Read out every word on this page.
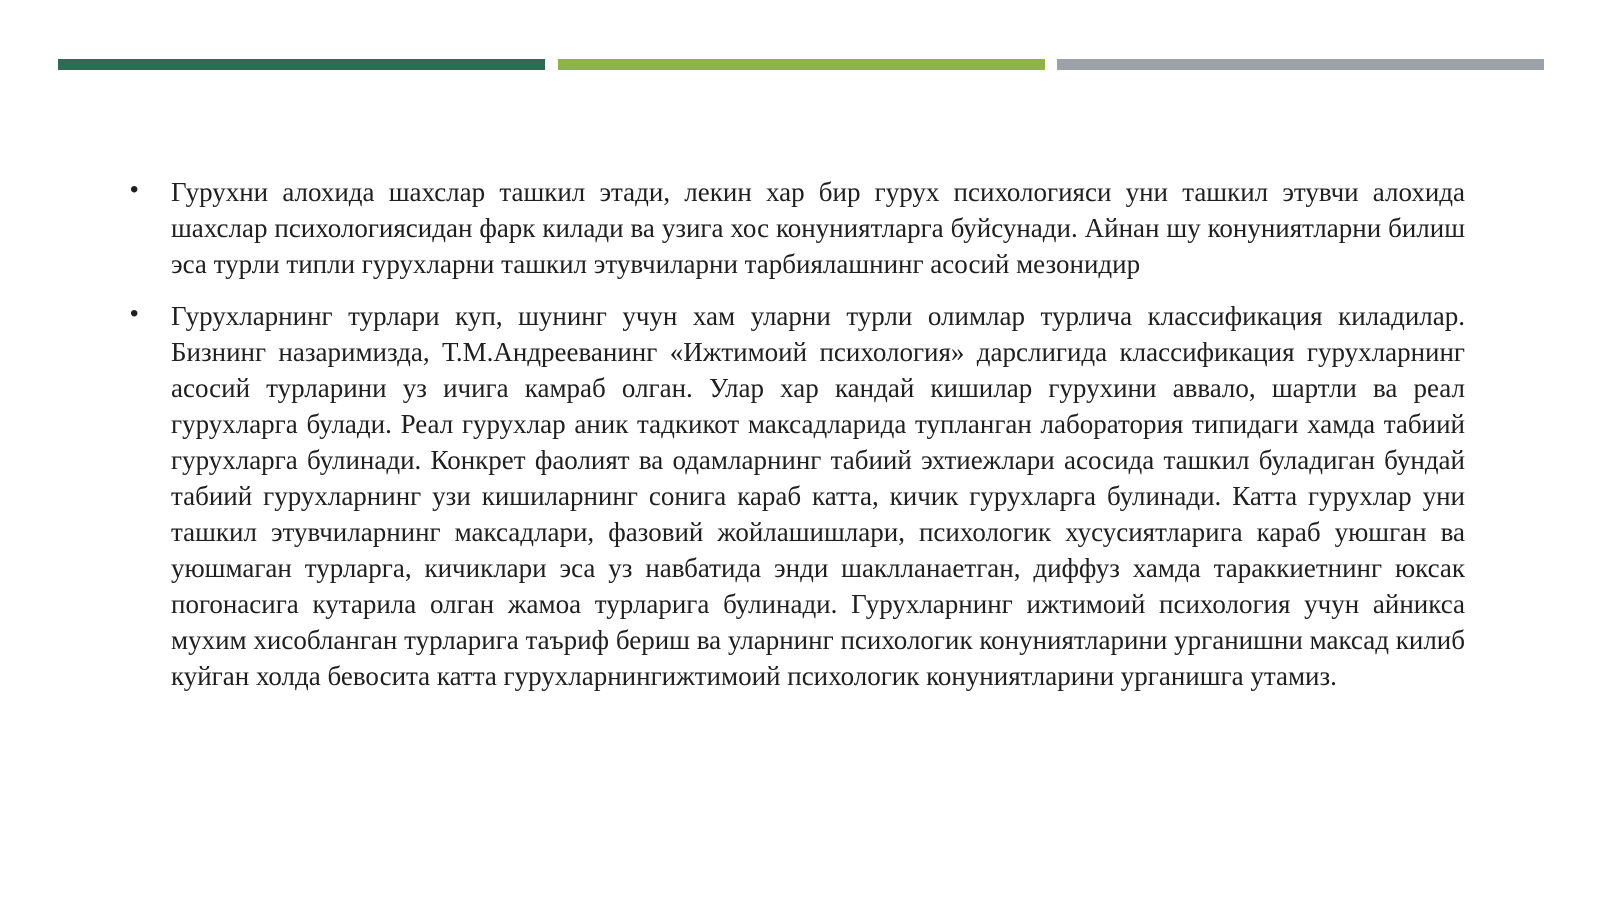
• Гурухни алохида шахслар ташкил этади, лекин хар бир гурух психологияси уни ташкил этувчи алохида шахслар психологиясидан фарк килади ва узига хос конуниятларга буйсунади. Айнан шу конуниятларни билиш эса турли типли гурухларни ташкил этувчиларни тарбиялашнинг асосий мезонидир
• Гурухларнинг турлари куп, шунинг учун хам уларни турли олимлар турлича классификация киладилар. Бизнинг назаримизда, Т.М.Андрееванинг «Ижтимоий психология» дарслигида классификация гурухларнинг асосий турларини уз ичига камраб олган. Улар хар кандай кишилар гурухини аввало, шартли ва реал гурухларга булади. Реал гурухлар аник тадкикот максадларида тупланган лаборатория типидаги хамда табиий гурухларга булинади. Конкрет фаолият ва одамларнинг табиий эхтиежлари асосида ташкил буладиган бундай табиий гурухларнинг узи кишиларнинг сонига караб катта, кичик гурухларга булинади. Катта гурухлар уни ташкил этувчиларнинг максадлари, фазовий жойлашишлари, психологик хусусиятларига караб уюшган ва уюшмаган турларга, кичиклари эса уз навбатида энди шаклланаетган, диффуз хамда тараккиетнинг юксак погонасига кутарила олган жамоа турларига булинади. Гурухларнинг ижтимоий психология учун айникса мухим хисобланган турларига таъриф бериш ва уларнинг психологик конуниятларини урганишни максад килиб куйган холда бевосита катта гурухларнингижтимоий психологик конуниятларини урганишга утамиз.
